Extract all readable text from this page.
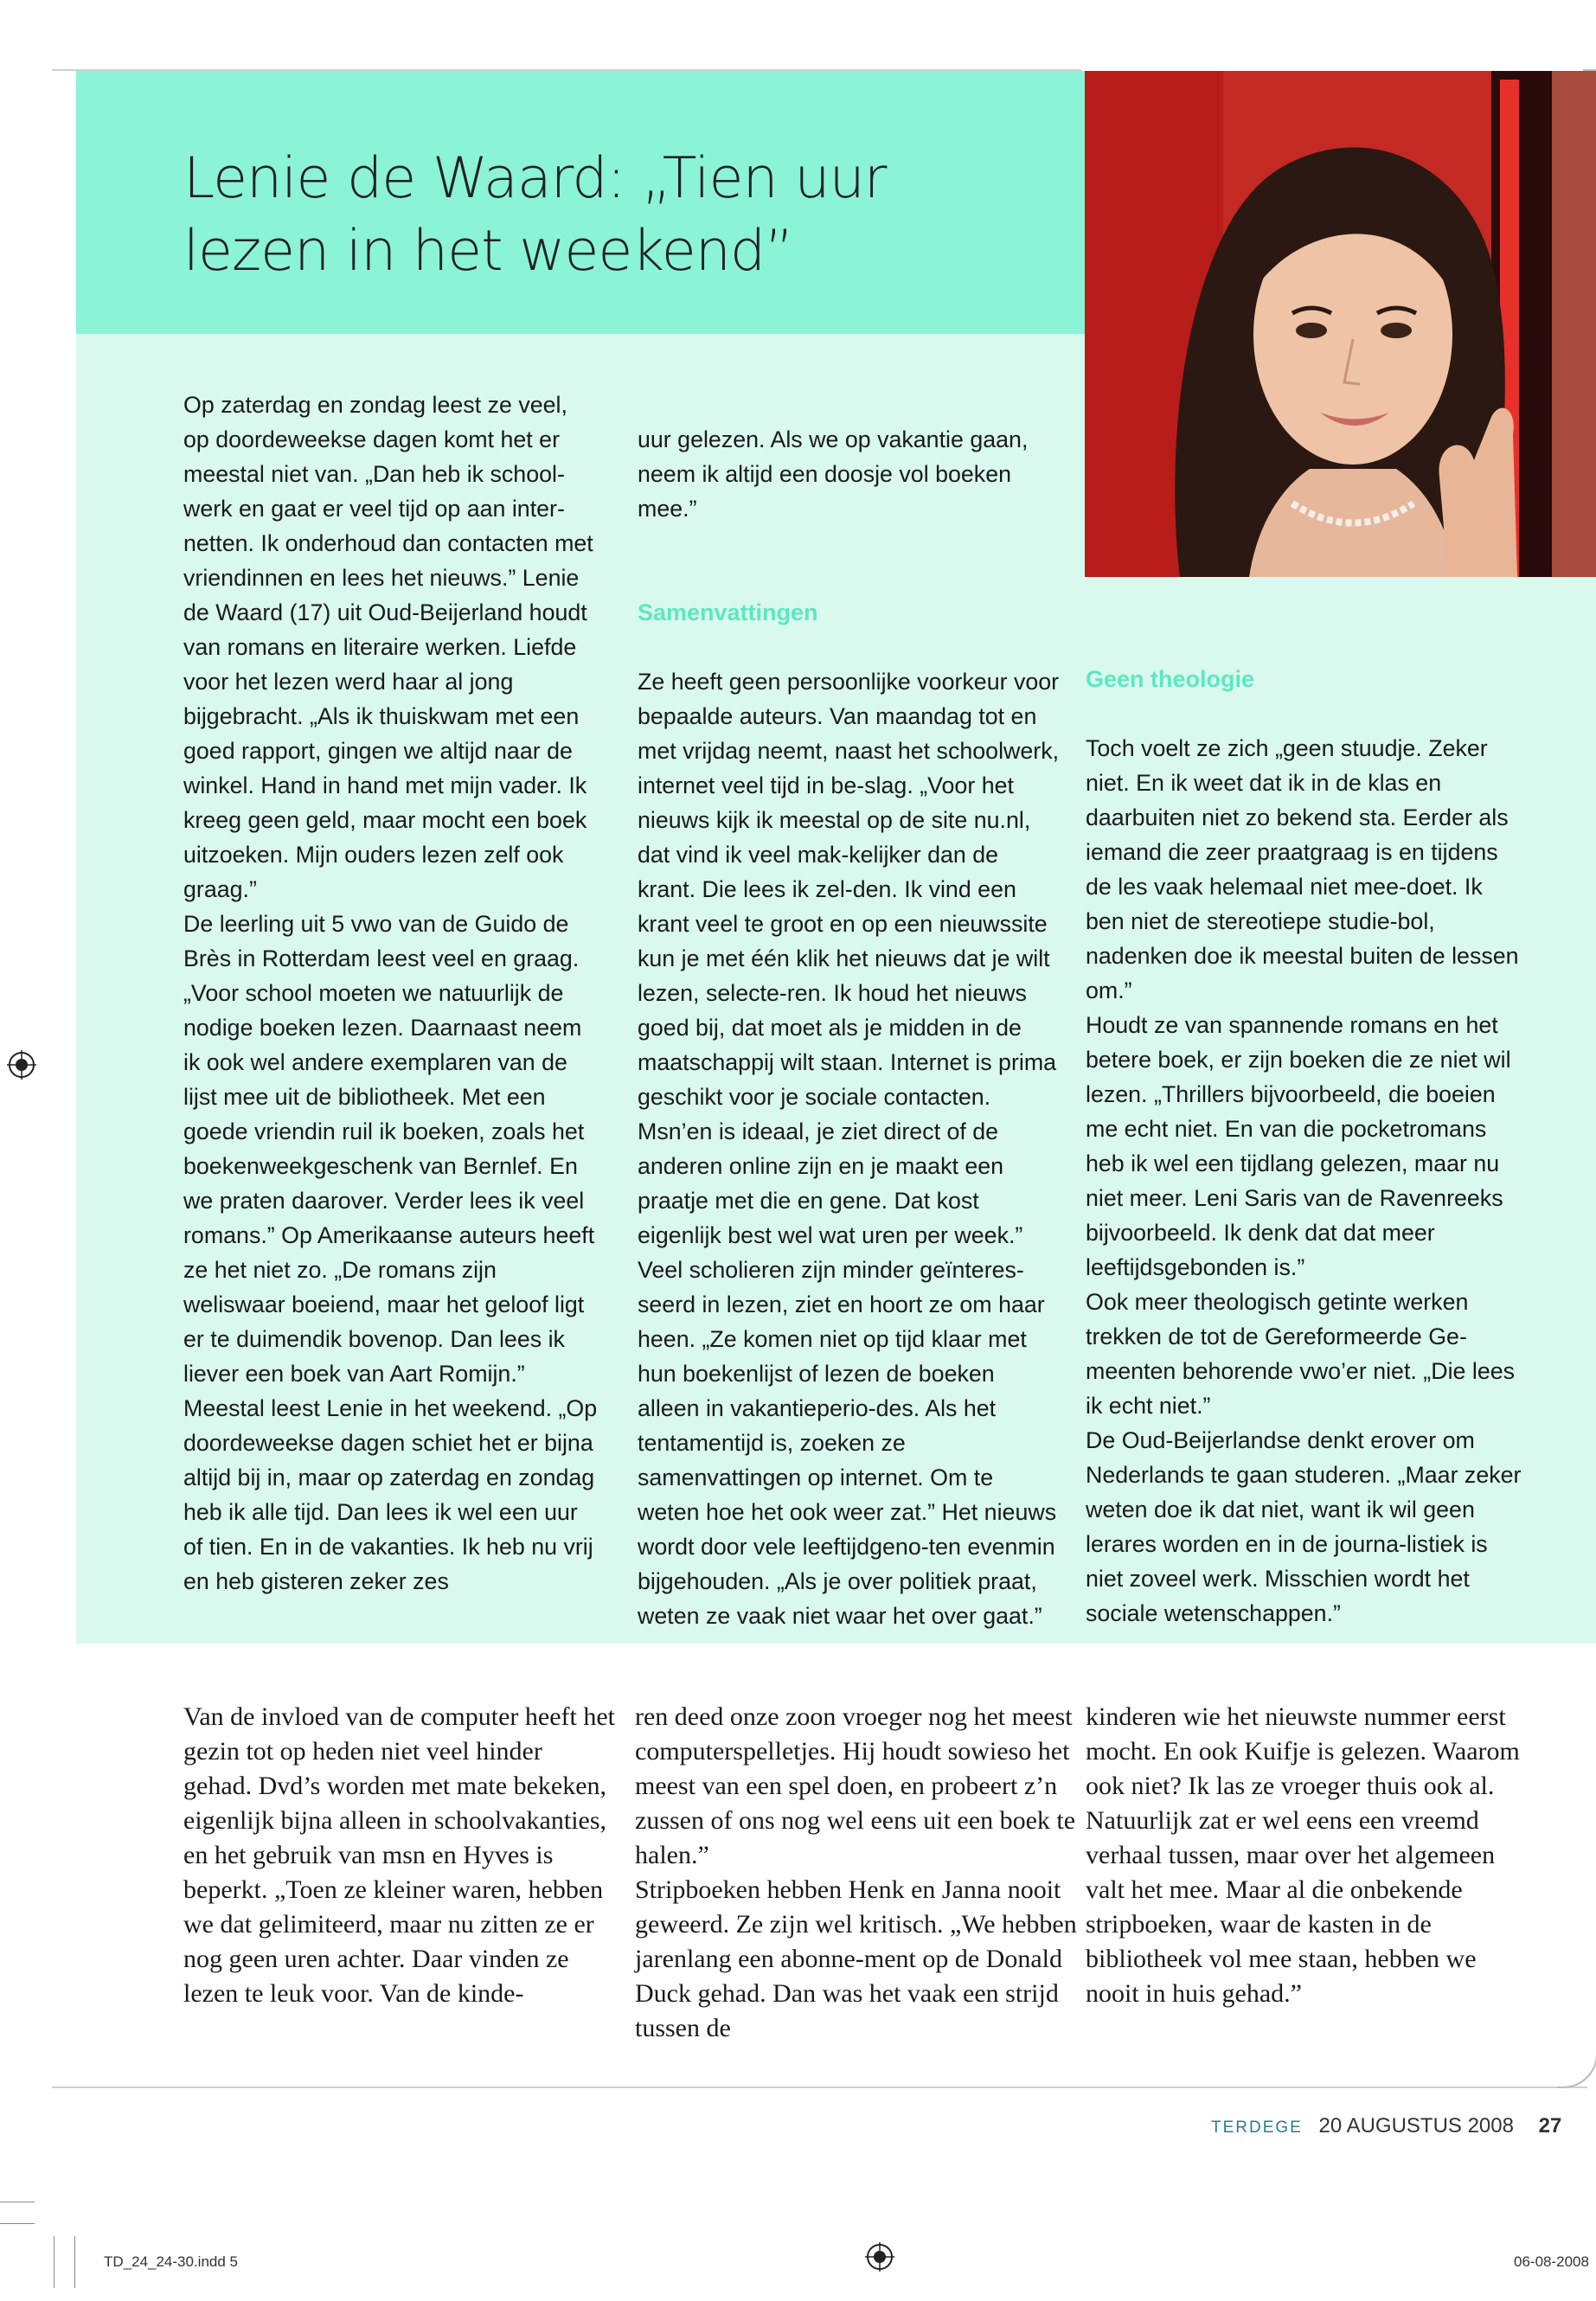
Lenie de Waard: „Tien uur lezen in het weekend”

Op zaterdag en zondag leest ze veel, op doordeweekse dagen komt het er meestal niet van. „Dan heb ik school-werk en gaat er veel tijd op aan inter-netten. Ik onderhoud dan contacten met vriendinnen en lees het nieuws.” Lenie de Waard (17) uit Oud-Beijerland houdt van romans en literaire werken. Liefde voor het lezen werd haar al jong bijgebracht. „Als ik thuiskwam met een goed rapport, gingen we altijd naar de winkel. Hand in hand met mijn vader. Ik kreeg geen geld, maar mocht een boek uitzoeken. Mijn ouders lezen zelf ook graag.”
De leerling uit 5 vwo van de Guido de Brès in Rotterdam leest veel en graag. „Voor school moeten we natuurlijk de nodige boeken lezen. Daarnaast neem ik ook wel andere exemplaren van de lijst mee uit de bibliotheek. Met een goede vriendin ruil ik boeken, zoals het boekenweekgeschenk van Bernlef. En we praten daarover. Verder lees ik veel romans.” Op Amerikaanse auteurs heeft ze het niet zo. „De romans zijn weliswaar boeiend, maar het geloof ligt er te duimendik bovenop. Dan lees ik liever een boek van Aart Romijn.”
Meestal leest Lenie in het weekend. „Op doordeweekse dagen schiet het er bijna altijd bij in, maar op zaterdag en zondag heb ik alle tijd. Dan lees ik wel een uur of tien. En in de vakanties. Ik heb nu vrij en heb gisteren zeker zes

uur gelezen. Als we op vakantie gaan, neem ik altijd een doosje vol boeken mee.”

Samenvattingen

Ze heeft geen persoonlijke voorkeur voor bepaalde auteurs. Van maandag tot en met vrijdag neemt, naast het schoolwerk, internet veel tijd in be-slag. „Voor het nieuws kijk ik meestal op de site nu.nl, dat vind ik veel mak-kelijker dan de krant. Die lees ik zel-den. Ik vind een krant veel te groot en op een nieuwssite kun je met één klik het nieuws dat je wilt lezen, selecte-ren. Ik houd het nieuws goed bij, dat moet als je midden in de maatschappij wilt staan. Internet is prima geschikt voor je sociale contacten. Msn’en is ideaal, je ziet direct of de anderen online zijn en je maakt een praatje met die en gene. Dat kost eigenlijk best wel wat uren per week.”
Veel scholieren zijn minder geïnteres-seerd in lezen, ziet en hoort ze om haar heen. „Ze komen niet op tijd klaar met hun boekenlijst of lezen de boeken alleen in vakantieperio-des. Als het tentamentijd is, zoeken ze samenvattingen op internet. Om te weten hoe het ook weer zat.” Het nieuws wordt door vele leeftijdgeno-ten evenmin bijgehouden. „Als je over politiek praat, weten ze vaak niet waar het over gaat.”

Geen theologie

Toch voelt ze zich „geen stuudje. Zeker niet. En ik weet dat ik in de klas en daarbuiten niet zo bekend sta. Eerder als iemand die zeer praatgraag is en tijdens de les vaak helemaal niet mee-doet. Ik ben niet de stereotiepe studie-bol, nadenken doe ik meestal buiten de lessen om.”
Houdt ze van spannende romans en het betere boek, er zijn boeken die ze niet wil lezen. „Thrillers bijvoorbeeld, die boeien me echt niet. En van die pocketromans heb ik wel een tijdlang gelezen, maar nu niet meer. Leni Saris van de Ravenreeks bijvoorbeeld. Ik denk dat dat meer leeftijdsgebonden is.”
Ook meer theologisch getinte werken trekken de tot de Gereformeerde Ge-meenten behorende vwo’er niet. „Die lees ik echt niet.”
De Oud-Beijerlandse denkt erover om Nederlands te gaan studeren. „Maar zeker weten doe ik dat niet, want ik wil geen lerares worden en in de journa-listiek is niet zoveel werk. Misschien wordt het sociale wetenschappen.”

Van de invloed van de computer heeft het gezin tot op heden niet veel hinder gehad. Dvd’s worden met mate bekeken, eigenlijk bijna alleen in schoolvakanties, en het gebruik van msn en Hyves is beperkt. „Toen ze kleiner waren, hebben we dat gelimiteerd, maar nu zitten ze er nog geen uren achter. Daar vinden ze lezen te leuk voor. Van de kinde-

ren deed onze zoon vroeger nog het meest computerspelletjes. Hij houdt sowieso het meest van een spel doen, en probeert z’n zussen of ons nog wel eens uit een boek te halen.”
Stripboeken hebben Henk en Janna nooit geweerd. Ze zijn wel kritisch. „We hebben jarenlang een abonne-ment op de Donald Duck gehad. Dan was het vaak een strijd tussen de

kinderen wie het nieuwste nummer eerst mocht. En ook Kuifje is gelezen. Waarom ook niet? Ik las ze vroeger thuis ook al. Natuurlijk zat er wel eens een vreemd verhaal tussen, maar over het algemeen valt het mee. Maar al die onbekende stripboeken, waar de kasten in de bibliotheek vol mee staan, hebben we nooit in huis gehad.”

TERDEGE 20 AUGUSTUS 2008 27
TD_24_24-30.indd 5	06-08-2008
